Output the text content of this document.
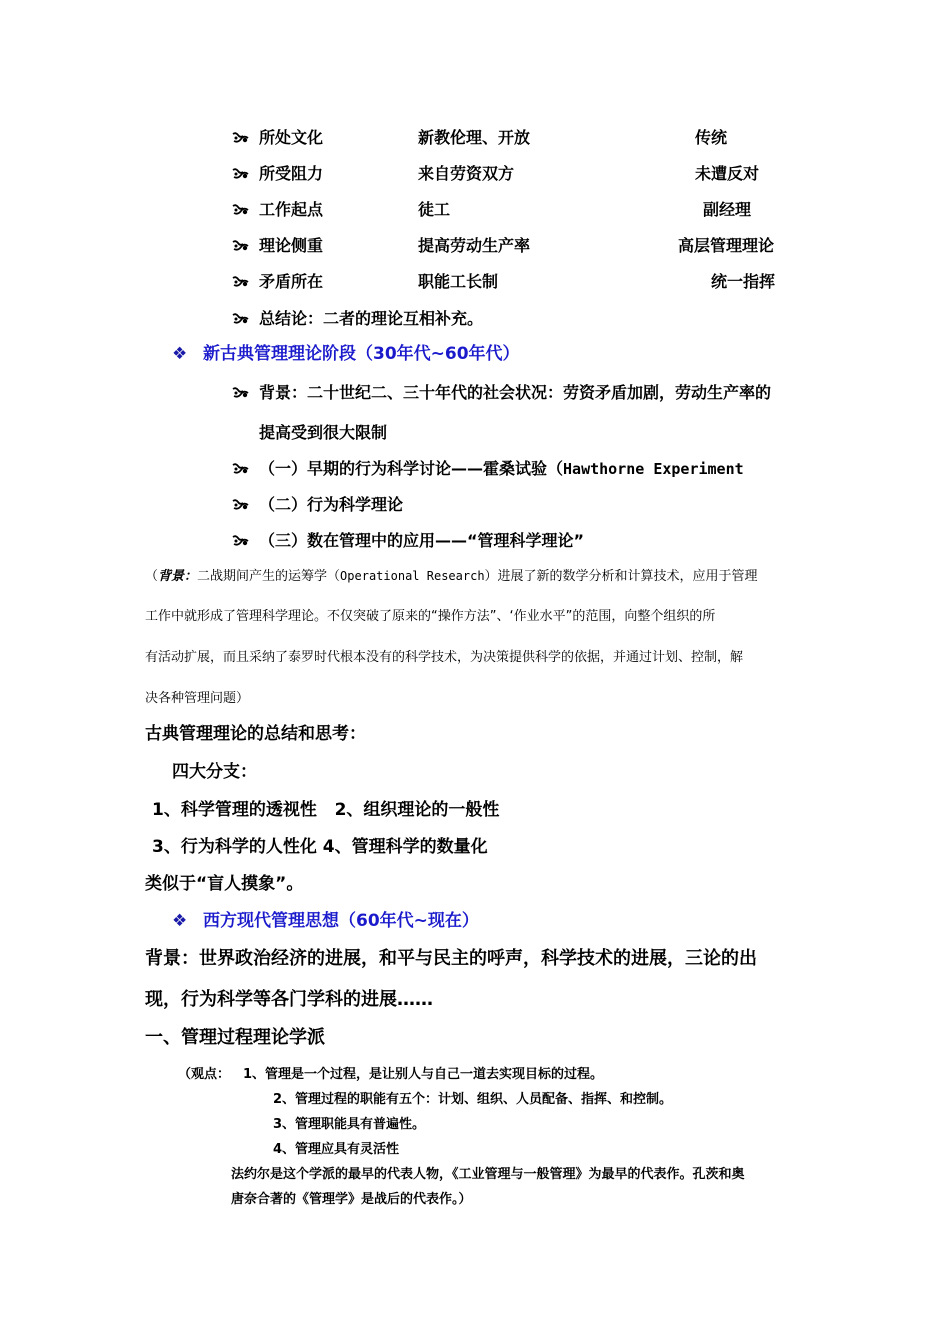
所处文化	新教伦理、开放	传统
所受阻力	来自劳资双方	未遭反对
工作起点	徒工	副经理
理论侧重	提高劳动生产率	高层管理理论
矛盾所在	职能工长制	统一指挥
总结论：二者的理论互相补充。
❖ 新古典管理理论阶段（30年代~60年代）
背景：二十世纪二、三十年代的社会状况：劳资矛盾加剧，劳动生产率的
提高受到很大限制
（一）早期的行为科学讨论——霍桑试验（Hawthorne Experiment
（二）行为科学理论
（三）数在管理中的应用——“管理科学理论”
（背景：二战期间产生的运筹学（Operational Research）进展了新的数学分析和计算技术，应用于管理
工作中就形成了管理科学理论。不仅突破了原来的“操作方法”、‘作业水平”的范围，向整个组织的所
有活动扩展，而且采纳了泰罗时代根本没有的科学技术，为决策提供科学的依据，并通过计划、控制，解
决各种管理问题）
古典管理理论的总结和思考：
四大分支：
1、科学管理的透视性   2、组织理论的一般性
3、行为科学的人性化 4、管理科学的数量化
类似于“盲人摸象”。
❖ 西方现代管理思想（60年代~现在）
背景：世界政治经济的进展，和平与民主的呼声，科学技术的进展，三论的出
现，行为科学等各门学科的进展……
一、管理过程理论学派
（观点： 1、管理是一个过程，是让别人与自己一道去实现目标的过程。
2、管理过程的职能有五个：计划、组织、人员配备、指挥、和控制。
3、管理职能具有普遍性。
4、管理应具有灵活性
法约尔是这个学派的最早的代表人物，《工业管理与一般管理》为最早的代表作。孔茨和奥
唐奈合著的《管理学》是战后的代表作。）
